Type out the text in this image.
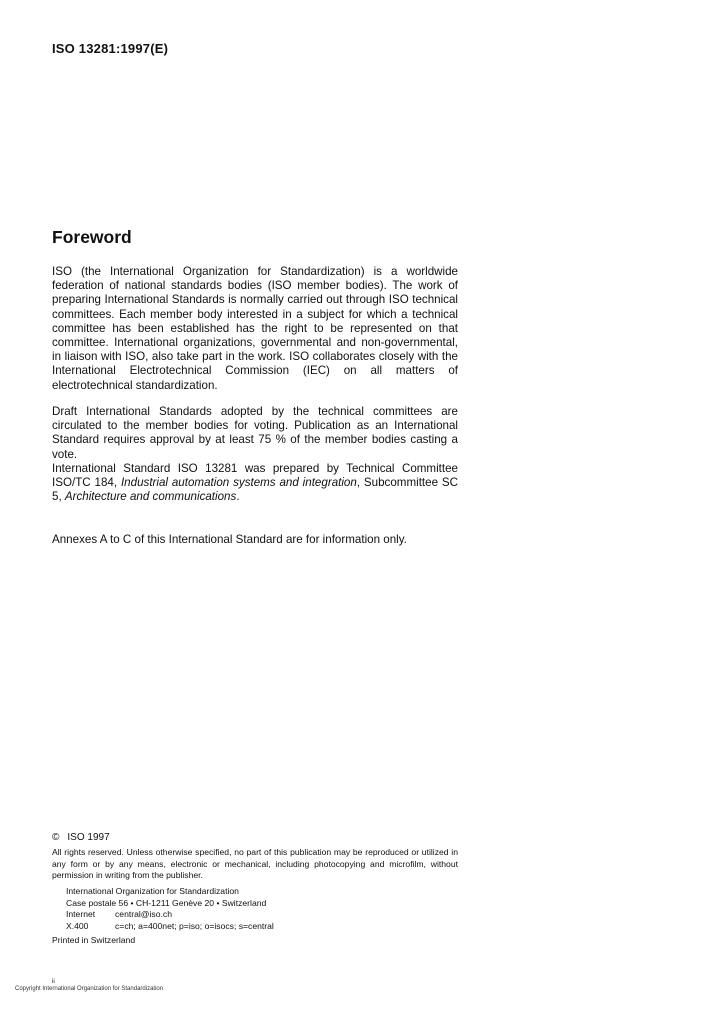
ISO 13281:1997(E)
Foreword
ISO (the International Organization for Standardization) is a worldwide federation of national standards bodies (ISO member bodies). The work of preparing International Standards is normally carried out through ISO technical committees. Each member body interested in a subject for which a technical committee has been established has the right to be represented on that committee. International organizations, governmental and non-governmental, in liaison with ISO, also take part in the work. ISO collaborates closely with the International Electrotechnical Commission (IEC) on all matters of electrotechnical standardization.
Draft International Standards adopted by the technical committees are circulated to the member bodies for voting. Publication as an International Standard requires approval by at least 75 % of the member bodies casting a vote.
International Standard ISO 13281 was prepared by Technical Committee ISO/TC 184, Industrial automation systems and integration, Subcommittee SC 5, Architecture and communications.
Annexes A to C of this International Standard are for information only.
© ISO 1997
All rights reserved. Unless otherwise specified, no part of this publication may be reproduced or utilized in any form or by any means, electronic or mechanical, including photocopying and microfilm, without permission in writing from the publisher.
International Organization for Standardization
Case postale 56 • CH-1211 Genève 20 • Switzerland
Internet	central@iso.ch
X.400	c=ch; a=400net; p=iso; o=isocs; s=central
Printed in Switzerland
ii
Copyright International Organization for Standardization
